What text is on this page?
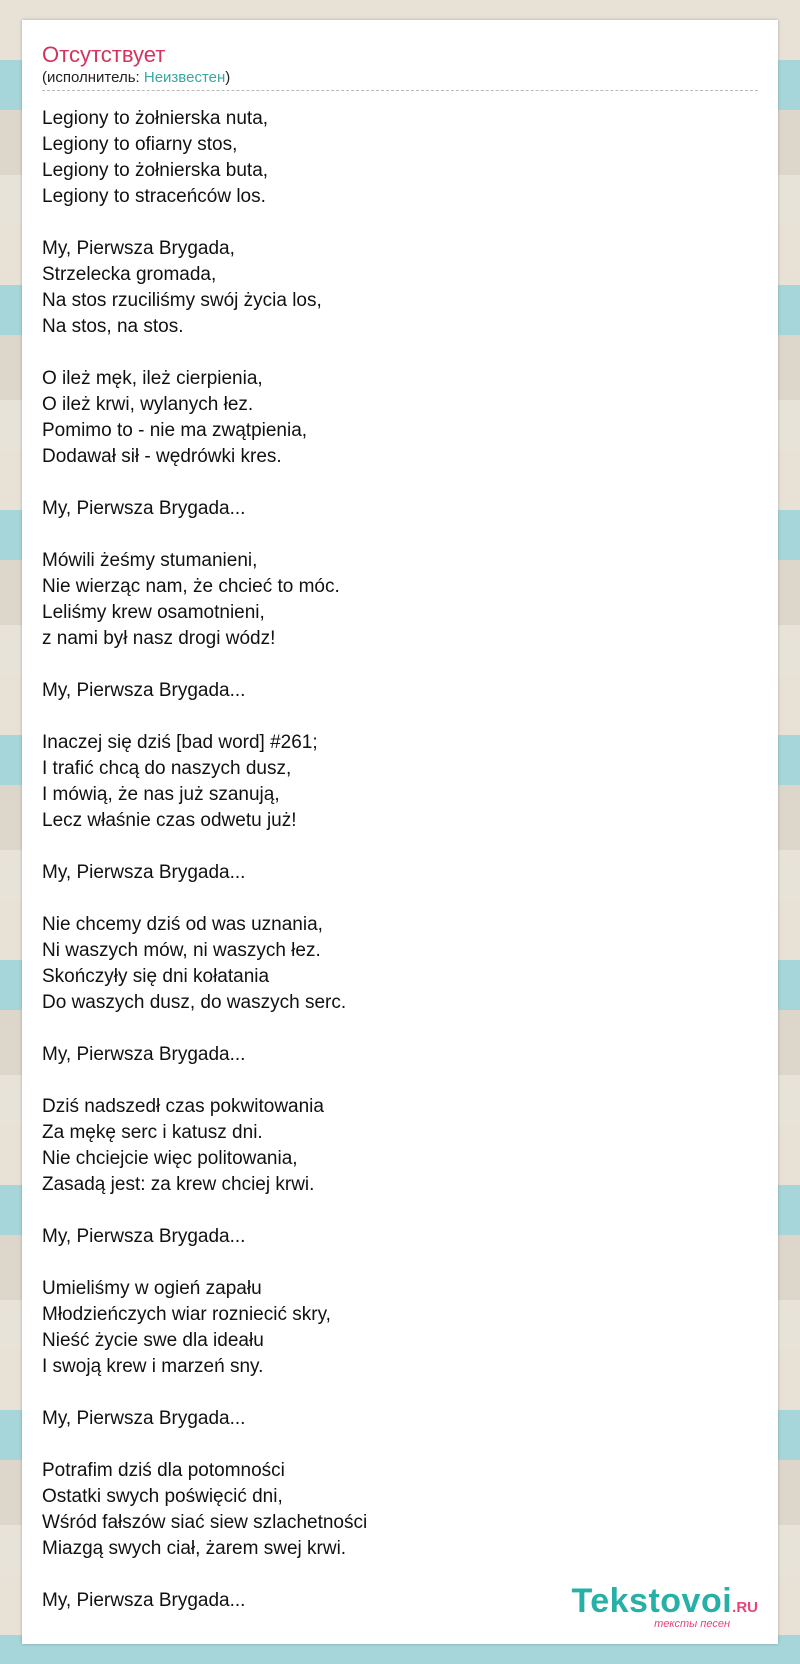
Отсутствует
(исполнитель: Неизвестен)
Legiony to żołnierska nuta,
Legiony to ofiarny stos,
Legiony to żołnierska buta,
Legiony to straceńców los.
My, Pierwsza Brygada,
Strzelecka gromada,
Na stos rzuciliśmy swój życia los,
Na stos, na stos.
O ileż męk, ileż cierpienia,
O ileż krwi, wylanych łez.
Pomimo to - nie ma zwątpienia,
Dodawał sił - wędrówki kres.
My, Pierwsza Brygada...
Mówili żeśmy stumanieni,
Nie wierząc nam, że chcieć to móc.
Leliśmy krew osamotnieni,
z nami był nasz drogi wódz!
My, Pierwsza Brygada...
Inaczej się dziś [bad word] #261;
I trafić chcą do naszych dusz,
I mówią, że nas już szanują,
Lecz właśnie czas odwetu już!
My, Pierwsza Brygada...
Nie chcemy dziś od was uznania,
Ni waszych mów, ni waszych łez.
Skończyły się dni kołatania
Do waszych dusz, do waszych serc.
My, Pierwsza Brygada...
Dziś nadszedł czas pokwitowania
Za mękę serc i katusz dni.
Nie chciejcie więc politowania,
Zasadą jest: za krew chciej krwi.
My, Pierwsza Brygada...
Umieliśmy w ogień zapału
Młodzieńczych wiar rozniecić skry,
Nieść życie swe dla ideału
I swoją krew i marzeń sny.
My, Pierwsza Brygada...
Potrafim dziś dla potomności
Ostatki swych poświęcić dni,
Wśród fałszów siać siew szlachetności
Miazgą swych ciał, żarem swej krwi.
My, Pierwsza Brygada...	Tekstovoi.RU
тексты песен
